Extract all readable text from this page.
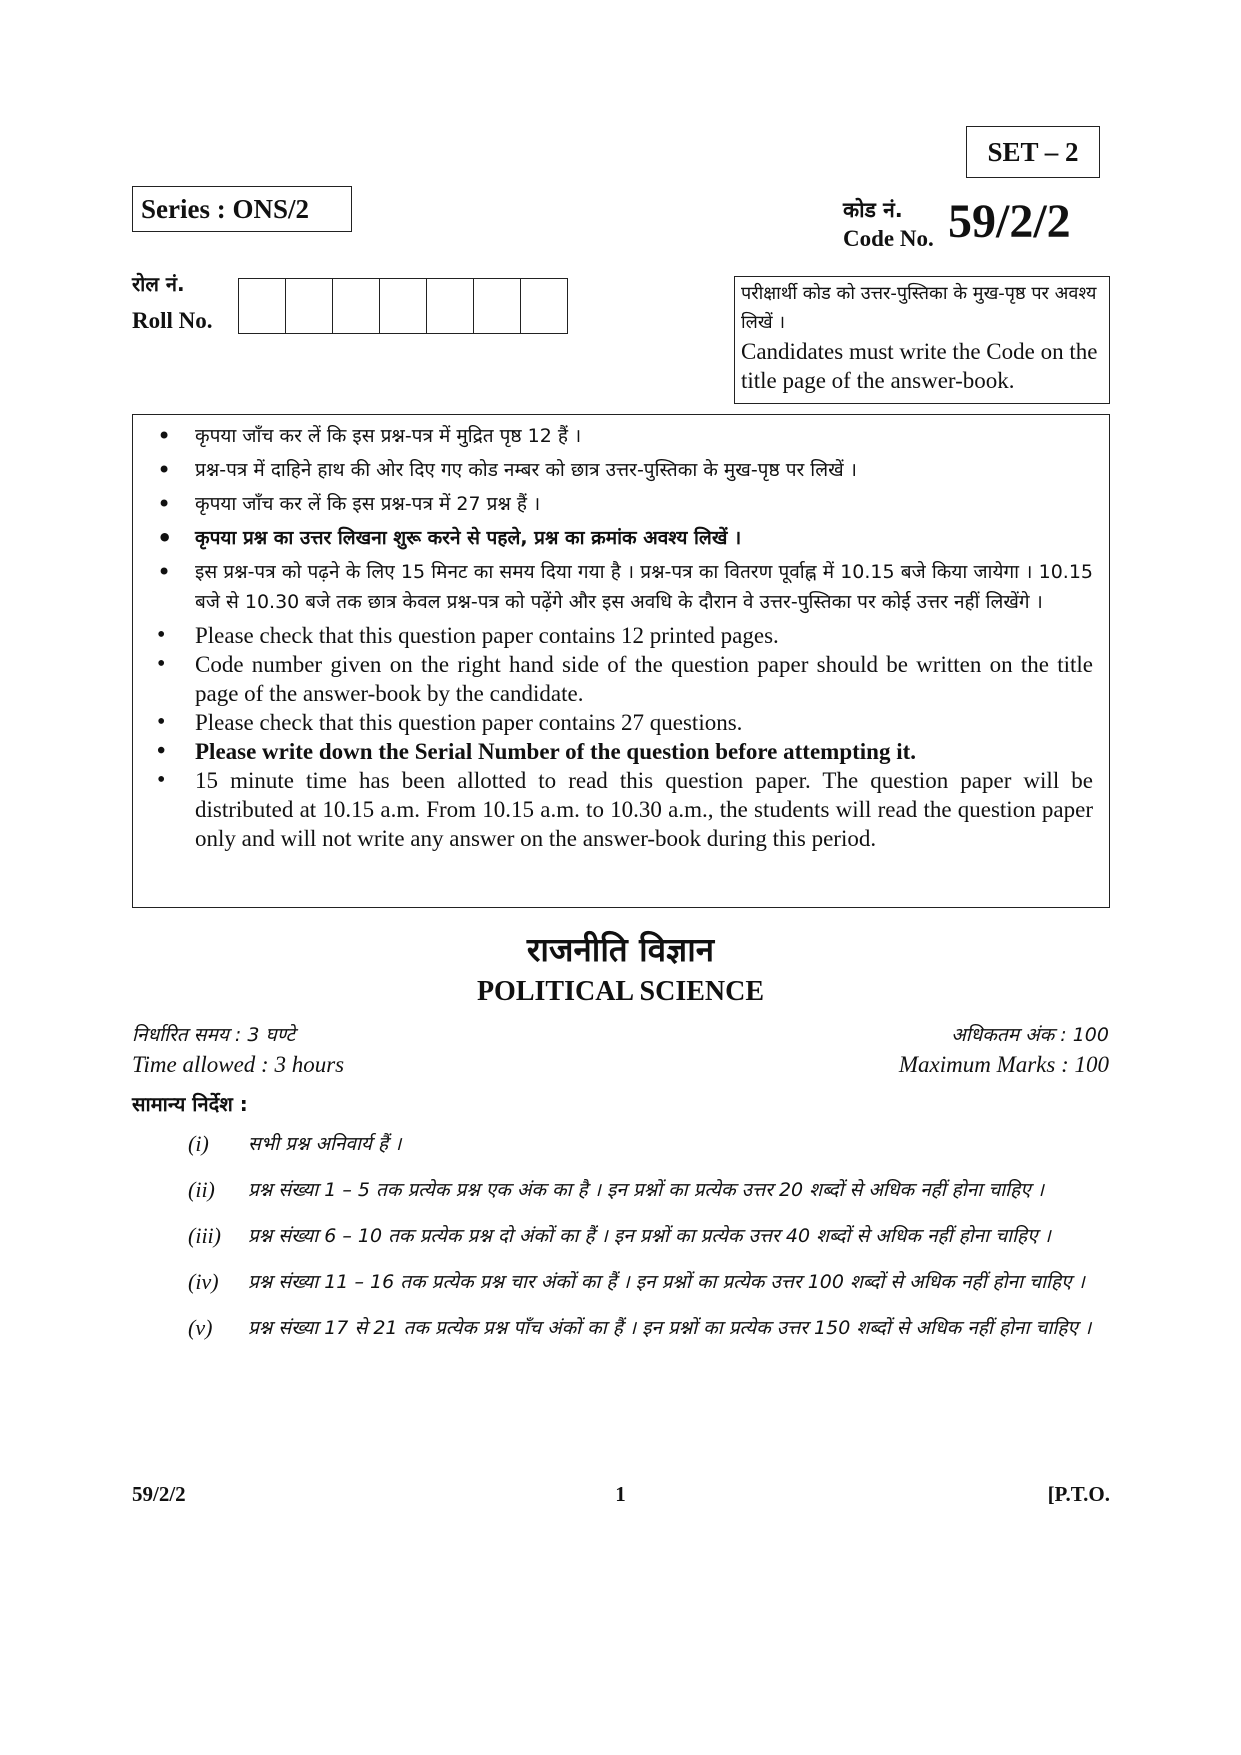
SET – 2
Series : ONS/2	कोड नं.
Code No. 59/2/2
रोल नं.
Roll No.
परीक्षार्थी कोड को उत्तर-पुस्तिका के मुख-पृष्ठ पर अवश्य लिखें ।
Candidates must write the Code on the title page of the answer-book.
• कृपया जाँच कर लें कि इस प्रश्न-पत्र में मुद्रित पृष्ठ 12 हैं ।
• प्रश्न-पत्र में दाहिने हाथ की ओर दिए गए कोड नम्बर को छात्र उत्तर-पुस्तिका के मुख-पृष्ठ पर लिखें ।
• कृपया जाँच कर लें कि इस प्रश्न-पत्र में 27 प्रश्न हैं ।
• कृपया प्रश्न का उत्तर लिखना शुरू करने से पहले, प्रश्न का क्रमांक अवश्य लिखें ।
• इस प्रश्न-पत्र को पढ़ने के लिए 15 मिनट का समय दिया गया है । प्रश्न-पत्र का वितरण पूर्वाह्न में 10.15 बजे किया जायेगा । 10.15 बजे से 10.30 बजे तक छात्र केवल प्रश्न-पत्र को पढ़ेंगे और इस अवधि के दौरान वे उत्तर-पुस्तिका पर कोई उत्तर नहीं लिखेंगे ।
• Please check that this question paper contains 12 printed pages.
• Code number given on the right hand side of the question paper should be written on the title page of the answer-book by the candidate.
• Please check that this question paper contains 27 questions.
• Please write down the Serial Number of the question before attempting it.
• 15 minute time has been allotted to read this question paper. The question paper will be distributed at 10.15 a.m. From 10.15 a.m. to 10.30 a.m., the students will read the question paper only and will not write any answer on the answer-book during this period.
राजनीति विज्ञान
POLITICAL SCIENCE
निर्धारित समय : 3 घण्टे
Time allowed : 3 hours
अधिकतम अंक : 100
Maximum Marks : 100
सामान्य निर्देश :
(i)	सभी प्रश्न अनिवार्य हैं ।
(ii)	प्रश्न संख्या 1 – 5 तक प्रत्येक प्रश्न एक अंक का है । इन प्रश्नों का प्रत्येक उत्तर 20 शब्दों से अधिक नहीं होना चाहिए ।
(iii)	प्रश्न संख्या 6 – 10 तक प्रत्येक प्रश्न दो अंकों का हैं । इन प्रश्नों का प्रत्येक उत्तर 40 शब्दों से अधिक नहीं होना चाहिए ।
(iv)	प्रश्न संख्या 11 – 16 तक प्रत्येक प्रश्न चार अंकों का हैं । इन प्रश्नों का प्रत्येक उत्तर 100 शब्दों से अधिक नहीं होना चाहिए ।
(v)	प्रश्न संख्या 17 से 21 तक प्रत्येक प्रश्न पाँच अंकों का हैं । इन प्रश्नों का प्रत्येक उत्तर 150 शब्दों से अधिक नहीं होना चाहिए ।
59/2/2	1	[P.T.O.
